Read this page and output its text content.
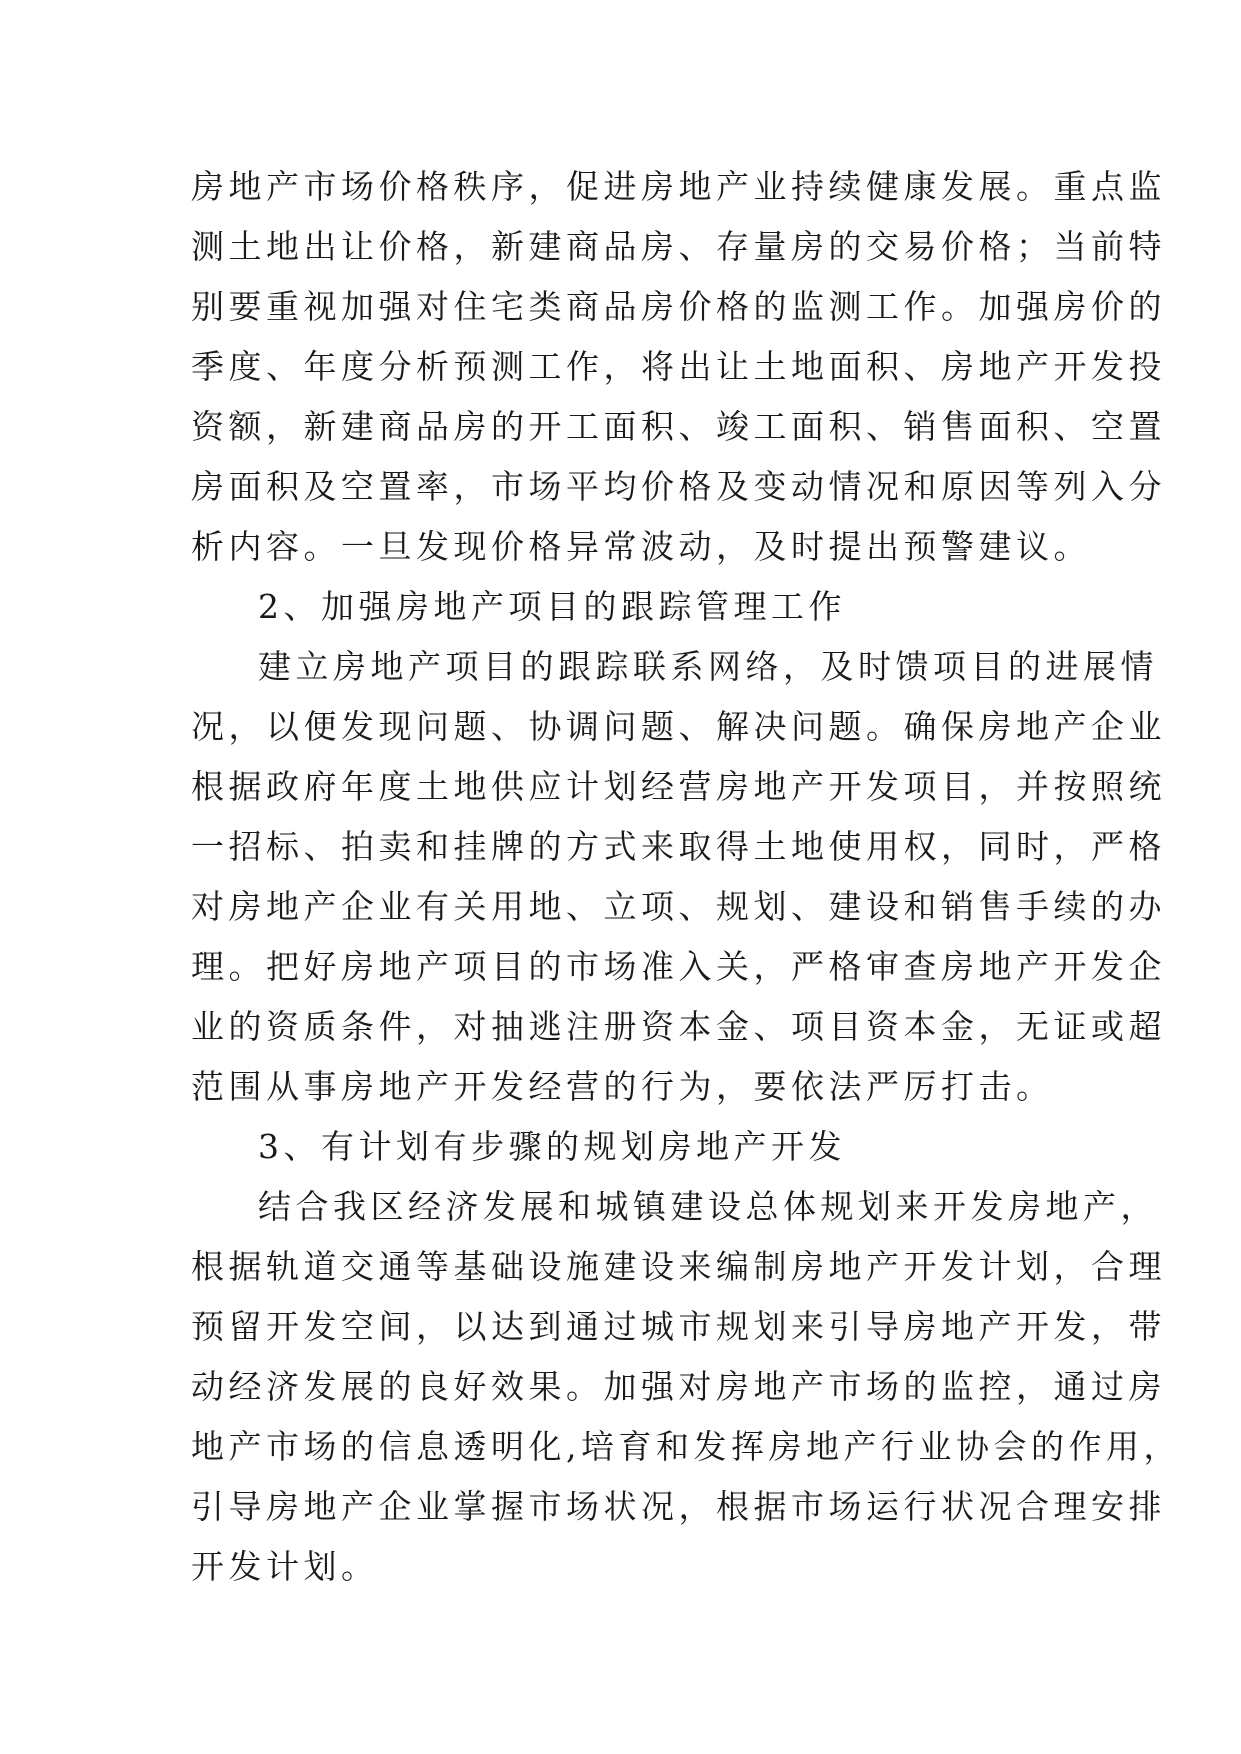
房地产市场价格秩序，促进房地产业持续健康发展。重点监
测土地出让价格，新建商品房、存量房的交易价格；当前特
别要重视加强对住宅类商品房价格的监测工作。加强房价的
季度、年度分析预测工作，将出让土地面积、房地产开发投
资额，新建商品房的开工面积、竣工面积、销售面积、空置
房面积及空置率，市场平均价格及变动情况和原因等列入分
析内容。一旦发现价格异常波动，及时提出预警建议。
2、加强房地产项目的跟踪管理工作
建立房地产项目的跟踪联系网络，及时馈项目的进展情
况，以便发现问题、协调问题、解决问题。确保房地产企业
根据政府年度土地供应计划经营房地产开发项目，并按照统
一招标、拍卖和挂牌的方式来取得土地使用权，同时，严格
对房地产企业有关用地、立项、规划、建设和销售手续的办
理。把好房地产项目的市场准入关，严格审查房地产开发企
业的资质条件，对抽逃注册资本金、项目资本金，无证或超
范围从事房地产开发经营的行为，要依法严厉打击。
3、有计划有步骤的规划房地产开发
结合我区经济发展和城镇建设总体规划来开发房地产，
根据轨道交通等基础设施建设来编制房地产开发计划，合理
预留开发空间，以达到通过城市规划来引导房地产开发，带
动经济发展的良好效果。加强对房地产市场的监控，通过房
地产市场的信息透明化,培育和发挥房地产行业协会的作用，
引导房地产企业掌握市场状况，根据市场运行状况合理安排
开发计划。
